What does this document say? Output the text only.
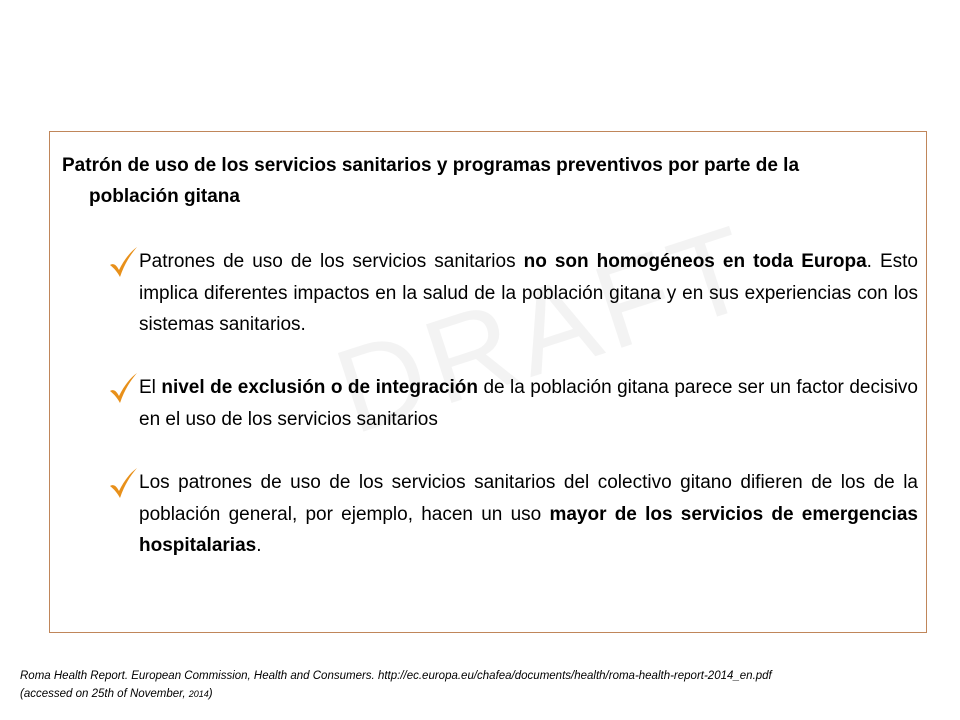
Patrón de uso de los servicios sanitarios y programas preventivos por parte de la
población gitana

Patrones de uso de los servicios sanitarios no son homogéneos en toda Europa. Esto implica diferentes impactos en la salud de la población gitana y en sus experiencias con los sistemas sanitarios.
El nivel de exclusión o de integración de la población gitana parece ser un factor decisivo en el uso de los servicios sanitarios
Los patrones de uso de los servicios sanitarios del colectivo gitano difieren de los de la población general, por ejemplo, hacen un uso mayor de los servicios de emergencias hospitalarias.
Roma Health Report. European Commission, Health and Consumers. http://ec.europa.eu/chafea/documents/health/roma-health-report-2014_en.pdf
(accessed on 25th of November, 2014)
